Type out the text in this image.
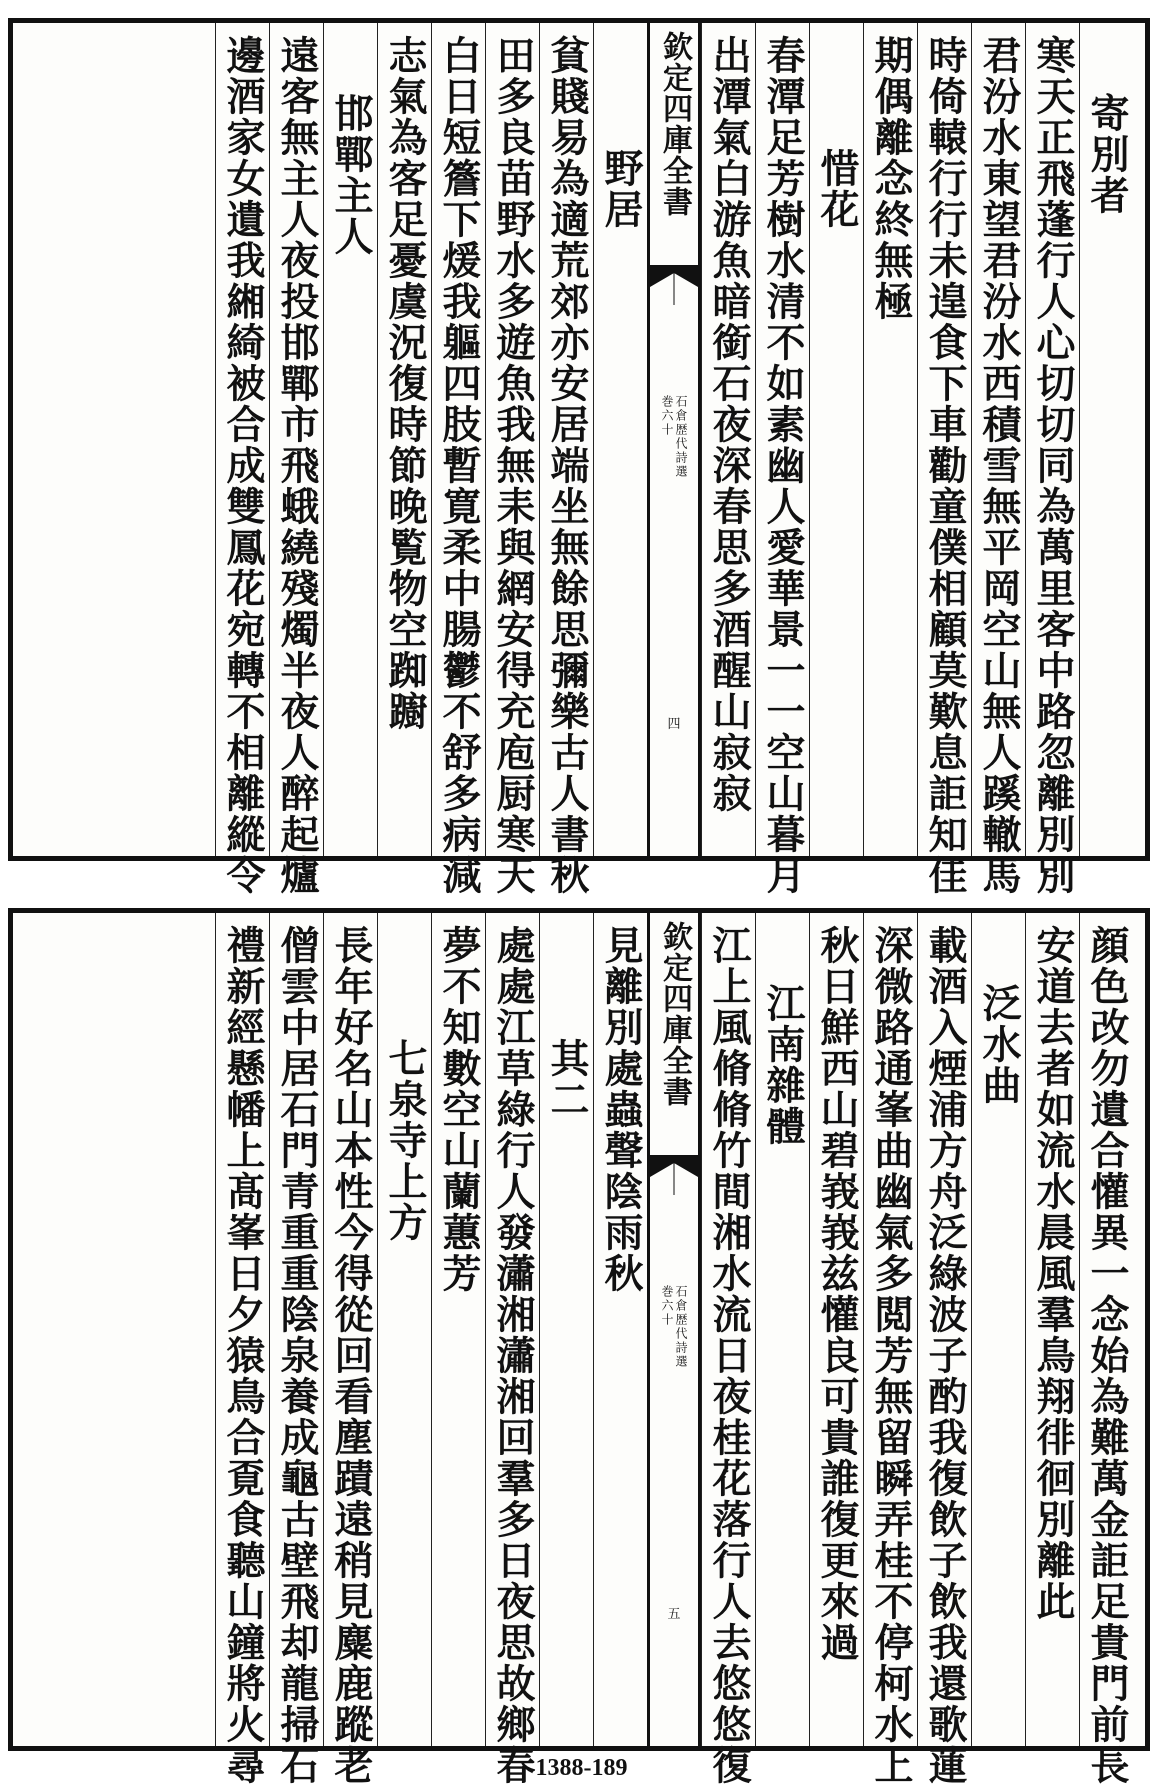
寄別者
寒天正飛蓬行人心切切同為萬里客中路忽離別別
君汾水東望君汾水西積雪無平岡空山無人蹊轍馬
時倚轅行行未遑食下車勸童僕相顧莫歎息詎知佳
期偶離念終無極
惜花
春潭足芳樹水清不如素幽人愛華景一一空山暮月
出潭氣白游魚暗銜石夜深春思多酒醒山寂寂
欽定四庫全書
石倉歴代詩選
巻六十
四
野居
貧賤易為適荒郊亦安居端坐無餘思彌樂古人書秋
田多良苗野水多遊魚我無耒與網安得充庖厨寒天
白日短簷下煖我軀四肢暫寛柔中腸鬱不舒多病減
志氣為客足憂虞況復時節晚覧物空踟躕
邯鄲主人
遠客無主人夜投邯鄲市飛蛾繞殘燭半夜人醉起爐
邊酒家女遺我緗綺被合成雙鳳花宛轉不相離縱令
顔色改勿遺合懽異一念始為難萬金詎足貴門前長
安道去者如流水晨風羣鳥翔徘徊別離此
泛水曲
載酒入煙浦方舟泛綠波子酌我復飲子飲我還歌蓮
深微路通峯曲幽氣多閲芳無留瞬弄桂不停柯水上
秋日鮮西山碧峩峩兹懽良可貴誰復更來過
江南雜體
江上風脩脩竹間湘水流日夜桂花落行人去悠悠復
欽定四庫全書
石倉歴代詩選
巻六十
五
見離別處蟲聲陰雨秋
其二
處處江草綠行人發瀟湘瀟湘回羣多日夜思故鄉春
夢不知數空山蘭蕙芳
七泉寺上方
長年好名山本性今得從回看塵蹟遠稍見麋鹿蹤老
僧雲中居石門青重重陰泉養成龜古壁飛却龍掃石
禮新經懸幡上髙峯日夕猿鳥合覔食聽山鐘將火尋	1388-189
